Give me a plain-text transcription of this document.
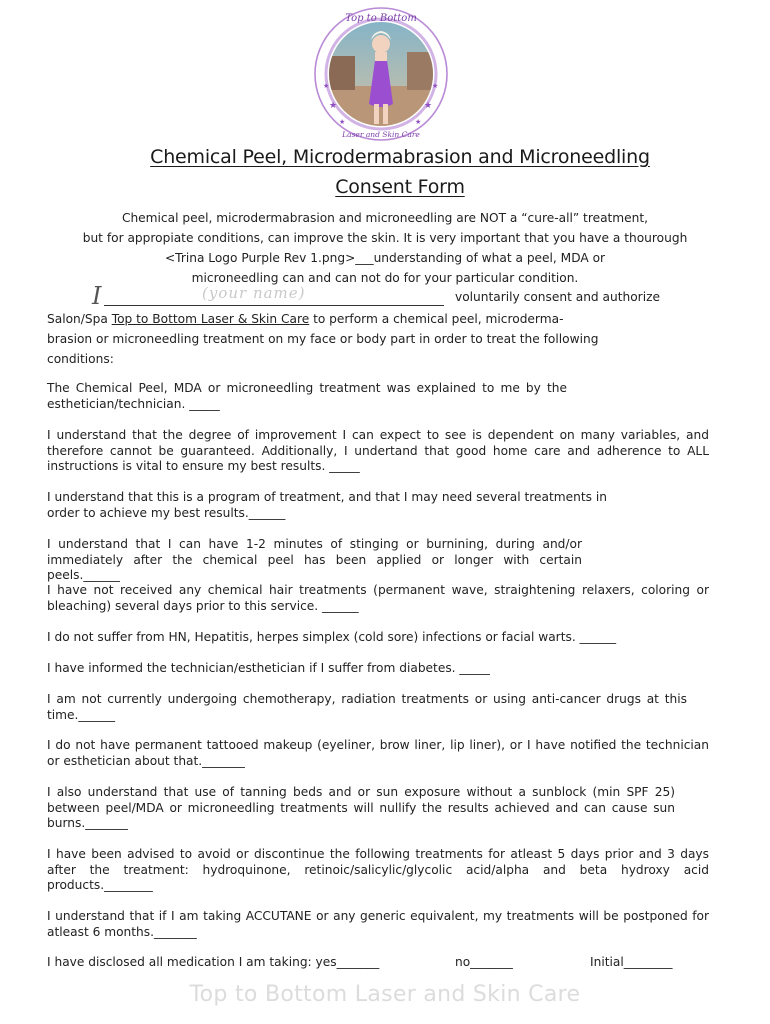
★	★
★	★
★	★
Top to Bottom
Laser and Skin Care
Chemical Peel, Microdermabrasion and Microneedling
Consent Form
Chemical peel, microdermabrasion and microneedling are NOT a “cure-all” treatment,
but for appropiate conditions, can improve the skin. It is very important that you have a thourough
<Trina Logo Purple Rev 1.png>___understanding of what a peel, MDA or
microneedling can and can not do for your particular condition.
I	(your name)	voluntarily consent and authorize
Salon/Spa Top to Bottom Laser & Skin Care to perform a chemical peel, microderma-
brasion or microneedling treatment on my face or body part in order to treat the following
conditions:
The Chemical Peel, MDA or microneedling treatment was explained to me by the esthetician/technician. _____
I understand that the degree of improvement I can expect to see is dependent on many variables, and therefore cannot be guaranteed. Additionally, I undertand that good home care and adherence to ALL instructions is vital to ensure my best results. _____
I understand that this is a program of treatment, and that I may need several treatments in order to achieve my best results.______
I understand that I can have 1-2 minutes of stinging or burnining, during and/or immediately after the chemical peel has been applied or longer with certain peels.______
I have not received any chemical hair treatments (permanent wave, straightening relaxers, coloring or bleaching) several days prior to this service. ______
I do not suffer from HN, Hepatitis, herpes simplex (cold sore) infections or facial warts. ______
I have informed the technician/esthetician if I suffer from diabetes. _____
I am not currently undergoing chemotherapy, radiation treatments or using anti-cancer drugs at this time.______
I do not have permanent tattooed makeup (eyeliner, brow liner, lip liner), or I have notified the technician or esthetician about that._______
I also understand that use of tanning beds and or sun exposure without a sunblock (min SPF 25) between peel/MDA or microneedling treatments will nullify the results achieved and can cause sun burns._______
I have been advised to avoid or discontinue the following treatments for atleast 5 days prior and 3 days after the treatment: hydroquinone, retinoic/salicylic/glycolic acid/alpha and beta hydroxy acid products.________
I understand that if I am taking ACCUTANE or any generic equivalent, my treatments will be postponed for atleast 6 months._______
I have disclosed all medication I am taking: yes_______	no_______	Initial________
Top to Bottom Laser and Skin Care
